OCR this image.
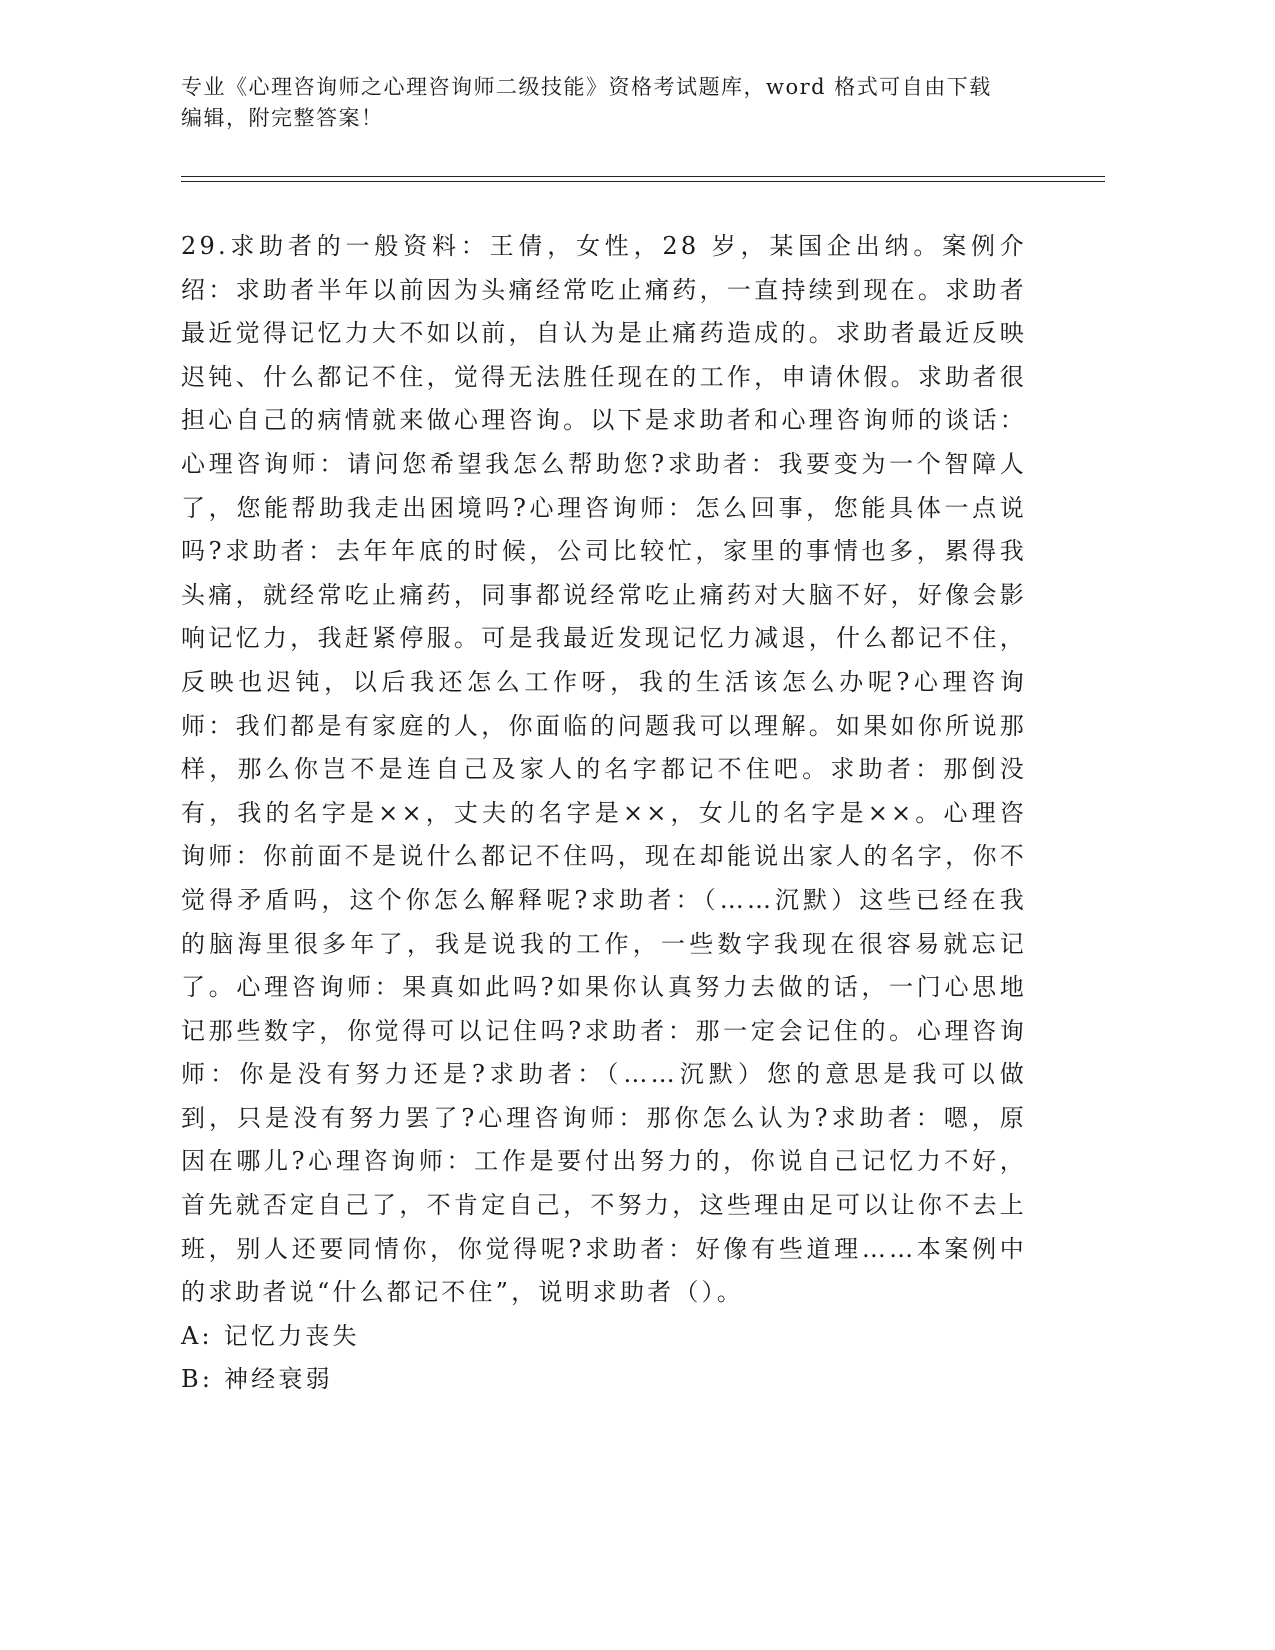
专业《心理咨询师之心理咨询师二级技能》资格考试题库，word 格式可自由下载
编辑，附完整答案！

29.求助者的一般资料：王倩，女性，28 岁，某国企出纳。案例介绍：求助者半年以前因为头痛经常吃止痛药，一直持续到现在。求助者最近觉得记忆力大不如以前，自认为是止痛药造成的。求助者最近反映迟钝、什么都记不住，觉得无法胜任现在的工作，申请休假。求助者很担心自己的病情就来做心理咨询。以下是求助者和心理咨询师的谈话：心理咨询师：请问您希望我怎么帮助您?求助者：我要变为一个智障人了，您能帮助我走出困境吗?心理咨询师：怎么回事，您能具体一点说吗?求助者：去年年底的时候，公司比较忙，家里的事情也多，累得我头痛，就经常吃止痛药，同事都说经常吃止痛药对大脑不好，好像会影响记忆力，我赶紧停服。可是我最近发现记忆力减退，什么都记不住，反映也迟钝，以后我还怎么工作呀，我的生活该怎么办呢?心理咨询师：我们都是有家庭的人，你面临的问题我可以理解。如果如你所说那样，那么你岂不是连自己及家人的名字都记不住吧。求助者：那倒没有，我的名字是××，丈夫的名字是××，女儿的名字是××。心理咨询师：你前面不是说什么都记不住吗，现在却能说出家人的名字，你不觉得矛盾吗，这个你怎么解释呢?求助者：（……沉默）这些已经在我的脑海里很多年了，我是说我的工作，一些数字我现在很容易就忘记了。心理咨询师：果真如此吗?如果你认真努力去做的话，一门心思地记那些数字，你觉得可以记住吗?求助者：那一定会记住的。心理咨询师：你是没有努力还是?求助者：（……沉默）您的意思是我可以做到，只是没有努力罢了?心理咨询师：那你怎么认为?求助者：嗯，原因在哪儿?心理咨询师：工作是要付出努力的，你说自己记忆力不好，首先就否定自己了，不肯定自己，不努力，这些理由足可以让你不去上班，别人还要同情你，你觉得呢?求助者：好像有些道理……本案例中的求助者说“什么都记不住”，说明求助者（）。

A: 记忆力丧失

B: 神经衰弱
